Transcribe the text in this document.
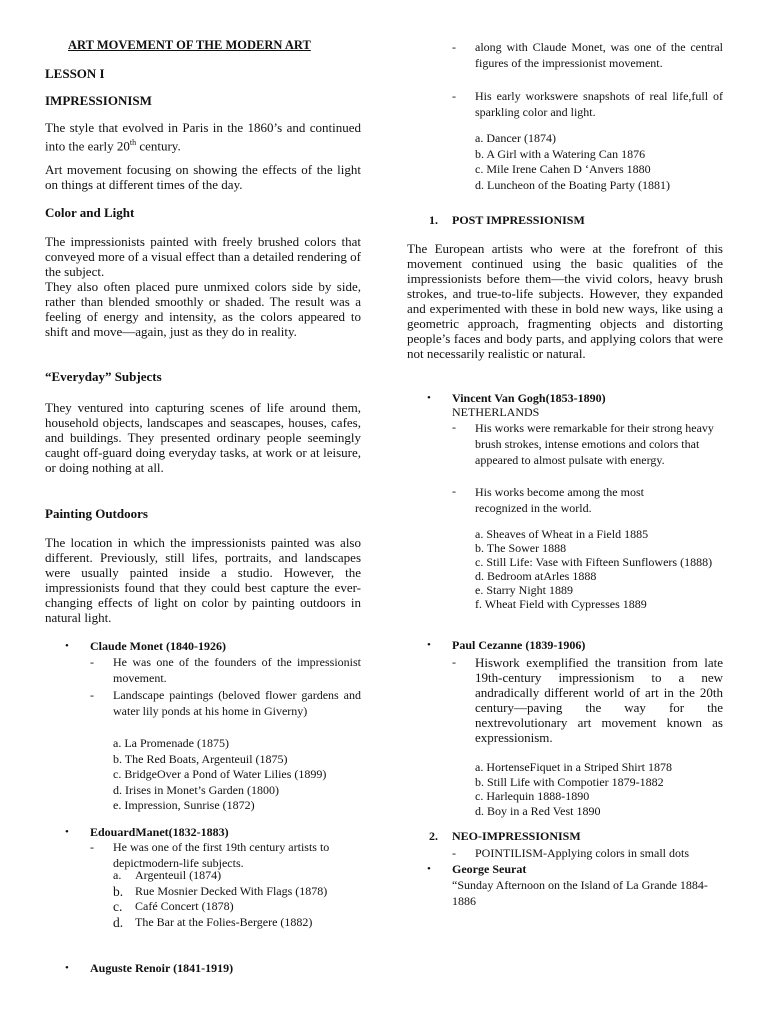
ART MOVEMENT OF THE MODERN ART
LESSON I
IMPRESSIONISM

The style that evolved in Paris in the 1860’s and continued into the early 20th century.

Art movement focusing on showing the effects of the light on things at different times of the day.

Color and Light

The impressionists painted with freely brushed colors that conveyed more of a visual effect than a detailed rendering of the subject.
They also often placed pure unmixed colors side by side, rather than blended smoothly or shaded. The result was a feeling of energy and intensity, as the colors appeared to shift and move—again, just as they do in reality.

“Everyday” Subjects

They ventured into capturing scenes of life around them, household objects, landscapes and seascapes, houses, cafes, and buildings. They presented ordinary people seemingly caught off-guard doing everyday tasks, at work or at leisure, or doing nothing at all.

Painting Outdoors

The location in which the impressionists painted was also different. Previously, still lifes, portraits, and landscapes were usually painted inside a studio. However, the impressionists found that they could best capture the ever-changing effects of light on color by painting outdoors in natural light.

• Claude Monet (1840-1926)
- He was one of the founders of the impressionist movement.

- Landscape paintings (beloved flower gardens and water lily ponds at his home in Giverny)

a. La Promenade (1875)
b. The Red Boats, Argenteuil (1875)
c. BridgeOver a Pond of Water Lilies (1899)
d. Irises in Monet’s Garden (1800)
e. Impression, Sunrise (1872)
• EdouardManet(1832-1883)
- He was one of the first 19th century artists to depictmodern-life subjects.

a.	Argenteuil (1874)
b. Rue Mosnier Decked With Flags (1878)
c.	Café Concert (1878)
d. The Bar at the Folies-Bergere (1882)
• Auguste Renoir (1841-1919)
- along with Claude Monet, was one of the central figures of the impressionist movement.

- His early workswere snapshots of real life,full of sparkling color and light.

a. Dancer (1874)
b. A Girl with a Watering Can 1876
c. Mile Irene Cahen D ‘Anvers 1880
d. Luncheon of the Boating Party (1881)
1. POST IMPRESSIONISM

The European artists who were at the forefront of this movement continued using the basic qualities of the impressionists before them—the vivid colors, heavy brush strokes, and true-to-life subjects. However, they expanded and experimented with these in bold new ways, like using a geometric approach, fragmenting objects and distorting people’s faces and body parts, and applying colors that were not necessarily realistic or natural.

• Vincent Van Gogh(1853-1890)
NETHERLANDS
- His works were remarkable for their strong heavy brush strokes, intense emotions and colors that appeared to almost pulsate with energy.

- His works become among the most recognized in the world.

a. Sheaves of Wheat in a Field 1885
b. The Sower 1888
c. Still Life: Vase with Fifteen Sunflowers (1888)
d. Bedroom atArles 1888
e. Starry Night 1889
f. Wheat Field with Cypresses 1889
• Paul Cezanne (1839-1906)
- Hiswork exemplified the transition from late 19th-century impressionism to a new andradically different world of art in the 20th century—paving the way for the nextrevolutionary art movement known as expressionism.

a. HortenseFiquet in a Striped Shirt 1878
b. Still Life with Compotier 1879-1882
c. Harlequin 1888-1890
d. Boy in a Red Vest 1890
2. NEO-IMPRESSIONISM
- POINTILISM-Applying colors in small dots
• George Seurat
“Sunday Afternoon on the Island of La Grande 1884-1886
